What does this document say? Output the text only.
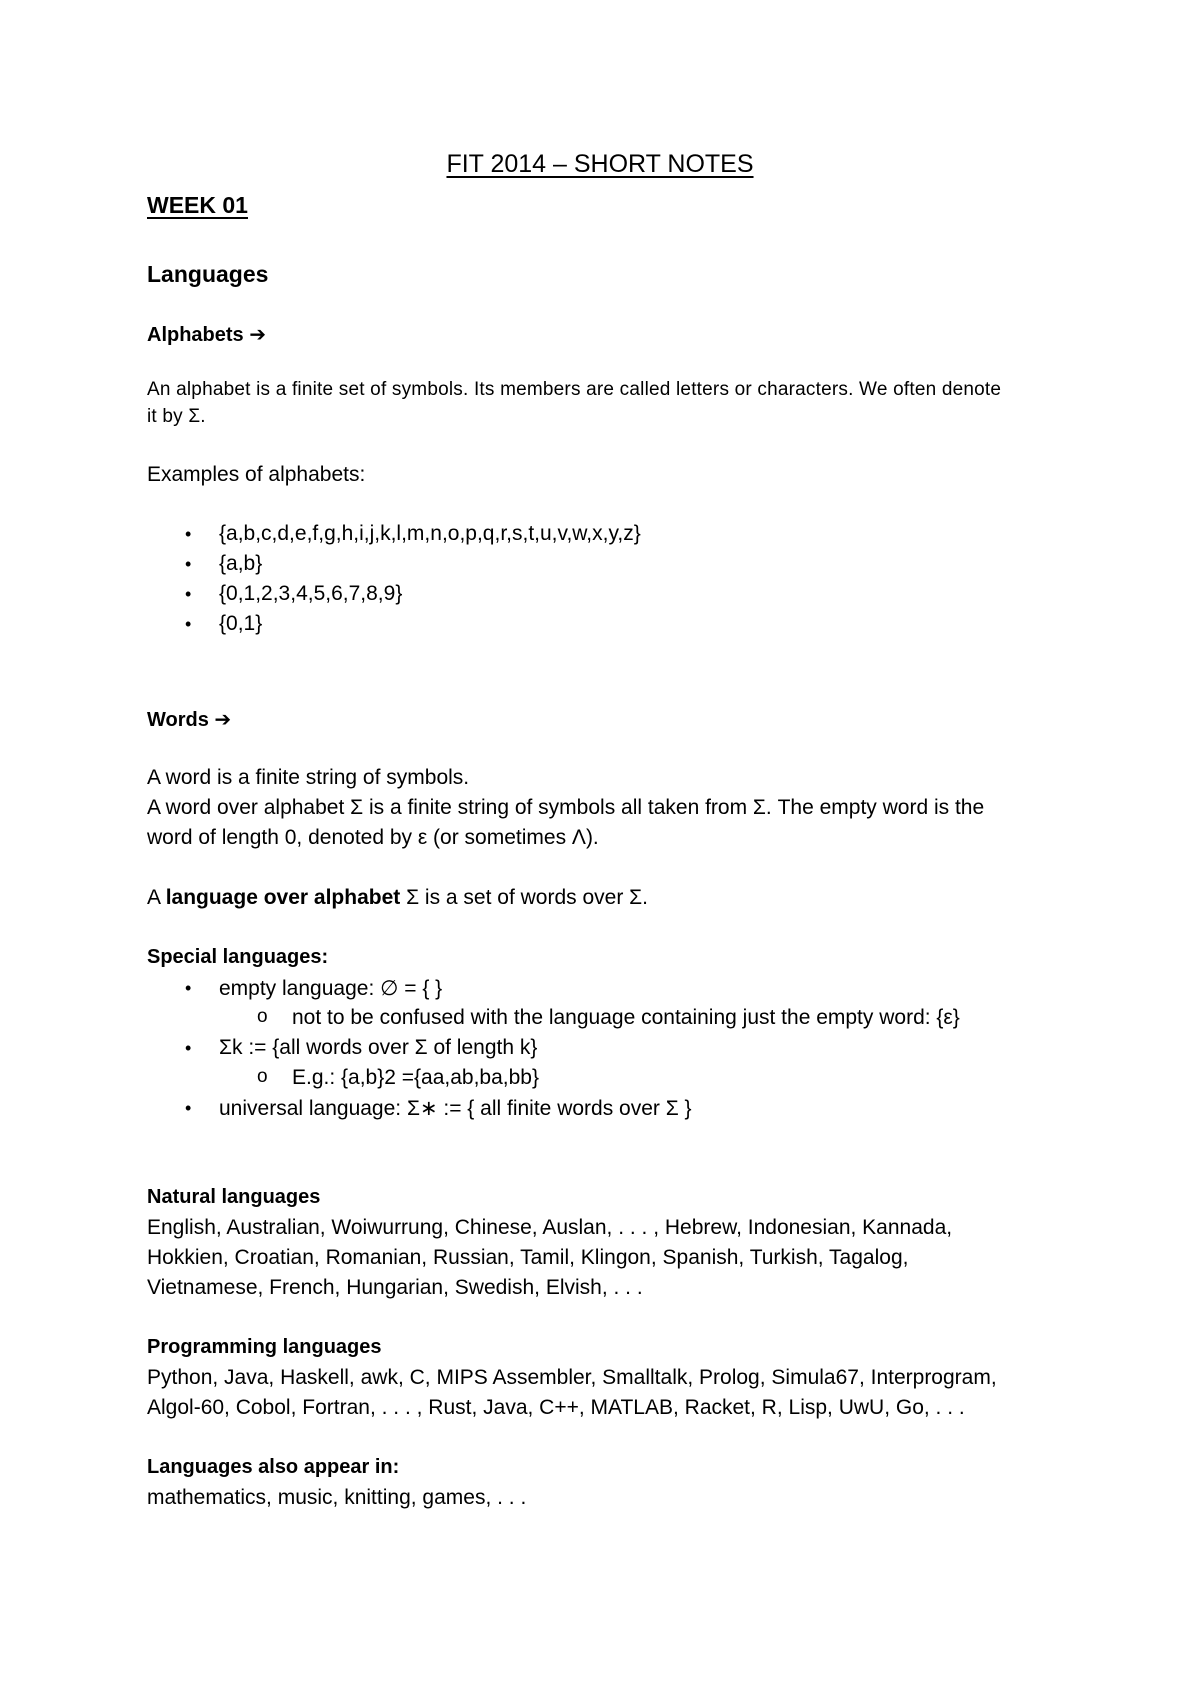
FIT 2014 – SHORT NOTES
WEEK 01
Languages
Alphabets ➔
An alphabet is a finite set of symbols. Its members are called letters or characters. We often denote
it by Σ.
Examples of alphabets:
• {a,b,c,d,e,f,g,h,i,j,k,l,m,n,o,p,q,r,s,t,u,v,w,x,y,z}
• {a,b}
• {0,1,2,3,4,5,6,7,8,9}
• {0,1}
Words ➔
A word is a finite string of symbols.
A word over alphabet Σ is a finite string of symbols all taken from Σ. The empty word is the
word of length 0, denoted by ε (or sometimes Λ).
A language over alphabet Σ is a set of words over Σ.
Special languages:
• empty language: ∅ = { }
o not to be confused with the language containing just the empty word: {ε}
• Σk := {all words over Σ of length k}
o E.g.: {a,b}2 ={aa,ab,ba,bb}
• universal language: Σ∗ := { all finite words over Σ }
Natural languages
English, Australian, Woiwurrung, Chinese, Auslan, . . . , Hebrew, Indonesian, Kannada,
Hokkien, Croatian, Romanian, Russian, Tamil, Klingon, Spanish, Turkish, Tagalog,
Vietnamese, French, Hungarian, Swedish, Elvish, . . .
Programming languages
Python, Java, Haskell, awk, C, MIPS Assembler, Smalltalk, Prolog, Simula67, Interprogram,
Algol-60, Cobol, Fortran, . . . , Rust, Java, C++, MATLAB, Racket, R, Lisp, UwU, Go, . . .
Languages also appear in:
mathematics, music, knitting, games, . . .
